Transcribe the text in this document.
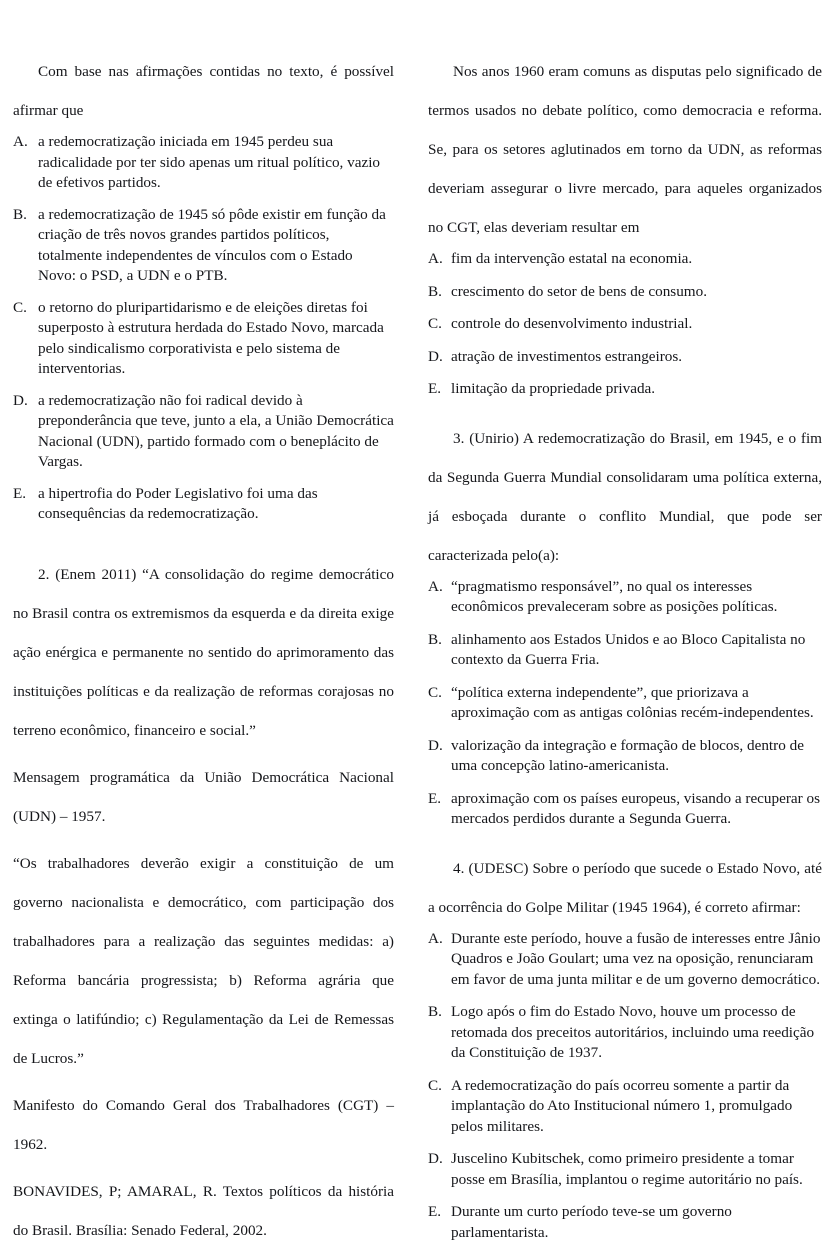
Com base nas afirmações contidas no texto, é possível afirmar que

A. a redemocratização iniciada em 1945 perdeu sua radicalidade por ter sido apenas um ritual político, vazio de efetivos partidos.
B. a redemocratização de 1945 só pôde existir em função da criação de três novos grandes partidos políticos, totalmente independentes de vínculos com o Estado Novo: o PSD, a UDN e o PTB.
C. o retorno do pluripartidarismo e de eleições diretas foi superposto à estrutura herdada do Estado Novo, marcada pelo sindicalismo corporativista e pelo sistema de interventorias.
D. a redemocratização não foi radical devido à preponderância que teve, junto a ela, a União Democrática Nacional (UDN), partido formado com o beneplácito de Vargas.
E. a hipertrofia do Poder Legislativo foi uma das consequências da redemocratização.

2. (Enem 2011) “A consolidação do regime democrático no Brasil contra os extremismos da esquerda e da direita exige ação enérgica e permanente no sentido do aprimoramento das instituições políticas e da realização de reformas corajosas no terreno econômico, financeiro e social.”

Mensagem programática da União Democrática Nacional (UDN) – 1957.

“Os trabalhadores deverão exigir a constituição de um governo nacionalista e democrático, com participação dos trabalhadores para a realização das seguintes medidas: a) Reforma bancária progressista; b) Reforma agrária que extinga o latifúndio; c) Regulamentação da Lei de Remessas de Lucros.”

Manifesto do Comando Geral dos Trabalhadores (CGT) – 1962.

BONAVIDES, P; AMARAL, R. Textos políticos da história do Brasil. Brasília: Senado Federal, 2002.

Nos anos 1960 eram comuns as disputas pelo significado de termos usados no debate político, como democracia e reforma. Se, para os setores aglutinados em torno da UDN, as reformas deveriam assegurar o livre mercado, para aqueles organizados no CGT, elas deveriam resultar em

A. fim da intervenção estatal na economia.
B. crescimento do setor de bens de consumo.
C. controle do desenvolvimento industrial.
D. atração de investimentos estrangeiros.
E. limitação da propriedade privada.

3. (Unirio) A redemocratização do Brasil, em 1945, e o fim da Segunda Guerra Mundial consolidaram uma política externa, já esboçada durante o conflito Mundial, que pode ser caracterizada pelo(a):

A. “pragmatismo responsável”, no qual os interesses econômicos prevaleceram sobre as posições políticas.
B. alinhamento aos Estados Unidos e ao Bloco Capitalista no contexto da Guerra Fria.
C. “política externa independente”, que priorizava a aproximação com as antigas colônias recém-independentes.
D. valorização da integração e formação de blocos, dentro de uma concepção latino-americanista.
E. aproximação com os países europeus, visando a recuperar os mercados perdidos durante a Segunda Guerra.

4. (UDESC) Sobre o período que sucede o Estado Novo, até a ocorrência do Golpe Militar (1945 1964), é correto afirmar:

A. Durante este período, houve a fusão de interesses entre Jânio Quadros e João Goulart; uma vez na oposição, renunciaram em favor de uma junta militar e de um governo democrático.
B. Logo após o fim do Estado Novo, houve um processo de retomada dos preceitos autoritários, incluindo uma reedição da Constituição de 1937.
C. A redemocratização do país ocorreu somente a partir da implantação do Ato Institucional número 1, promulgado pelos militares.
D. Juscelino Kubitschek, como primeiro presidente a tomar posse em Brasília, implantou o regime autoritário no país.
E. Durante um curto período teve-se um governo parlamentarista.
